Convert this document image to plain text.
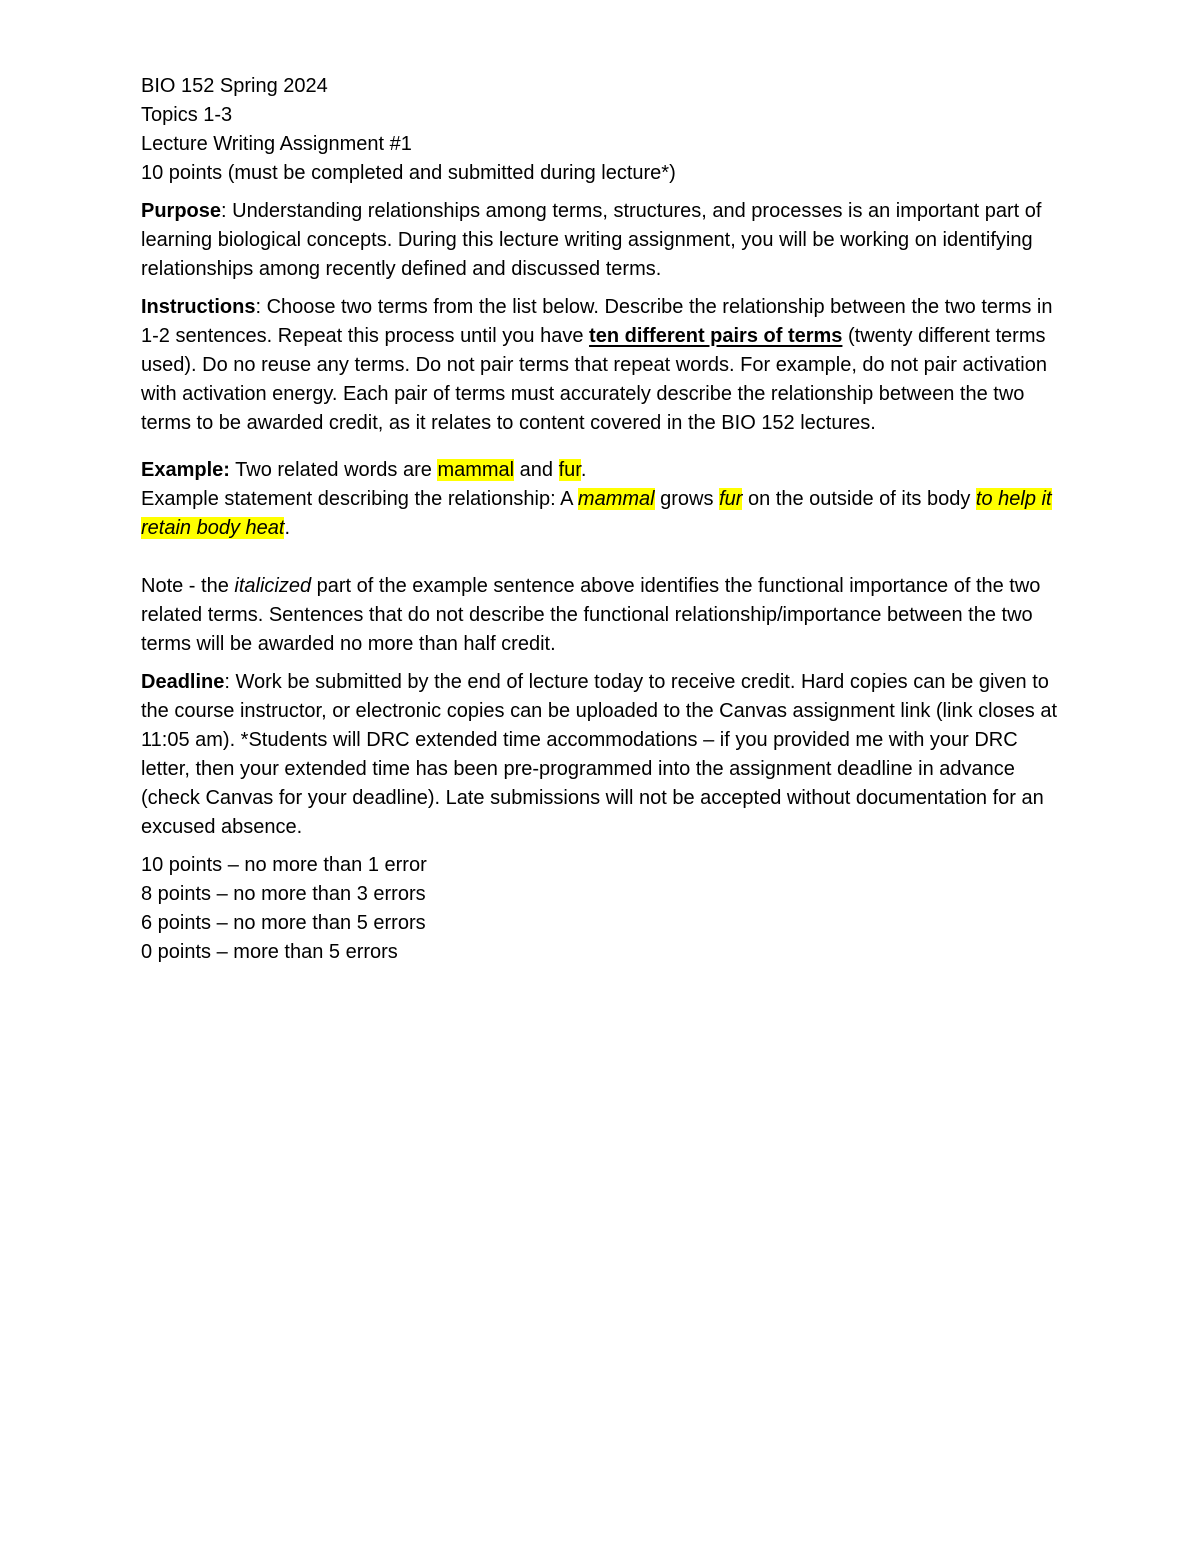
BIO 152 Spring 2024
Topics 1-3
Lecture Writing Assignment #1
10 points (must be completed and submitted during lecture*)

Purpose: Understanding relationships among terms, structures, and processes is an important part of learning biological concepts. During this lecture writing assignment, you will be working on identifying relationships among recently defined and discussed terms.

Instructions: Choose two terms from the list below. Describe the relationship between the two terms in 1-2 sentences. Repeat this process until you have ten different pairs of terms (twenty different terms used). Do no reuse any terms. Do not pair terms that repeat words. For example, do not pair activation with activation energy. Each pair of terms must accurately describe the relationship between the two terms to be awarded credit, as it relates to content covered in the BIO 152 lectures.

Example: Two related words are mammal and fur.
Example statement describing the relationship: A mammal grows fur on the outside of its body to help it retain body heat.

Note - the italicized part of the example sentence above identifies the functional importance of the two related terms. Sentences that do not describe the functional relationship/importance between the two terms will be awarded no more than half credit.

Deadline: Work be submitted by the end of lecture today to receive credit. Hard copies can be given to the course instructor, or electronic copies can be uploaded to the Canvas assignment link (link closes at 11:05 am). *Students will DRC extended time accommodations – if you provided me with your DRC letter, then your extended time has been pre-programmed into the assignment deadline in advance (check Canvas for your deadline). Late submissions will not be accepted without documentation for an excused absence.

10 points – no more than 1 error
8 points – no more than 3 errors
6 points – no more than 5 errors
0 points – more than 5 errors
